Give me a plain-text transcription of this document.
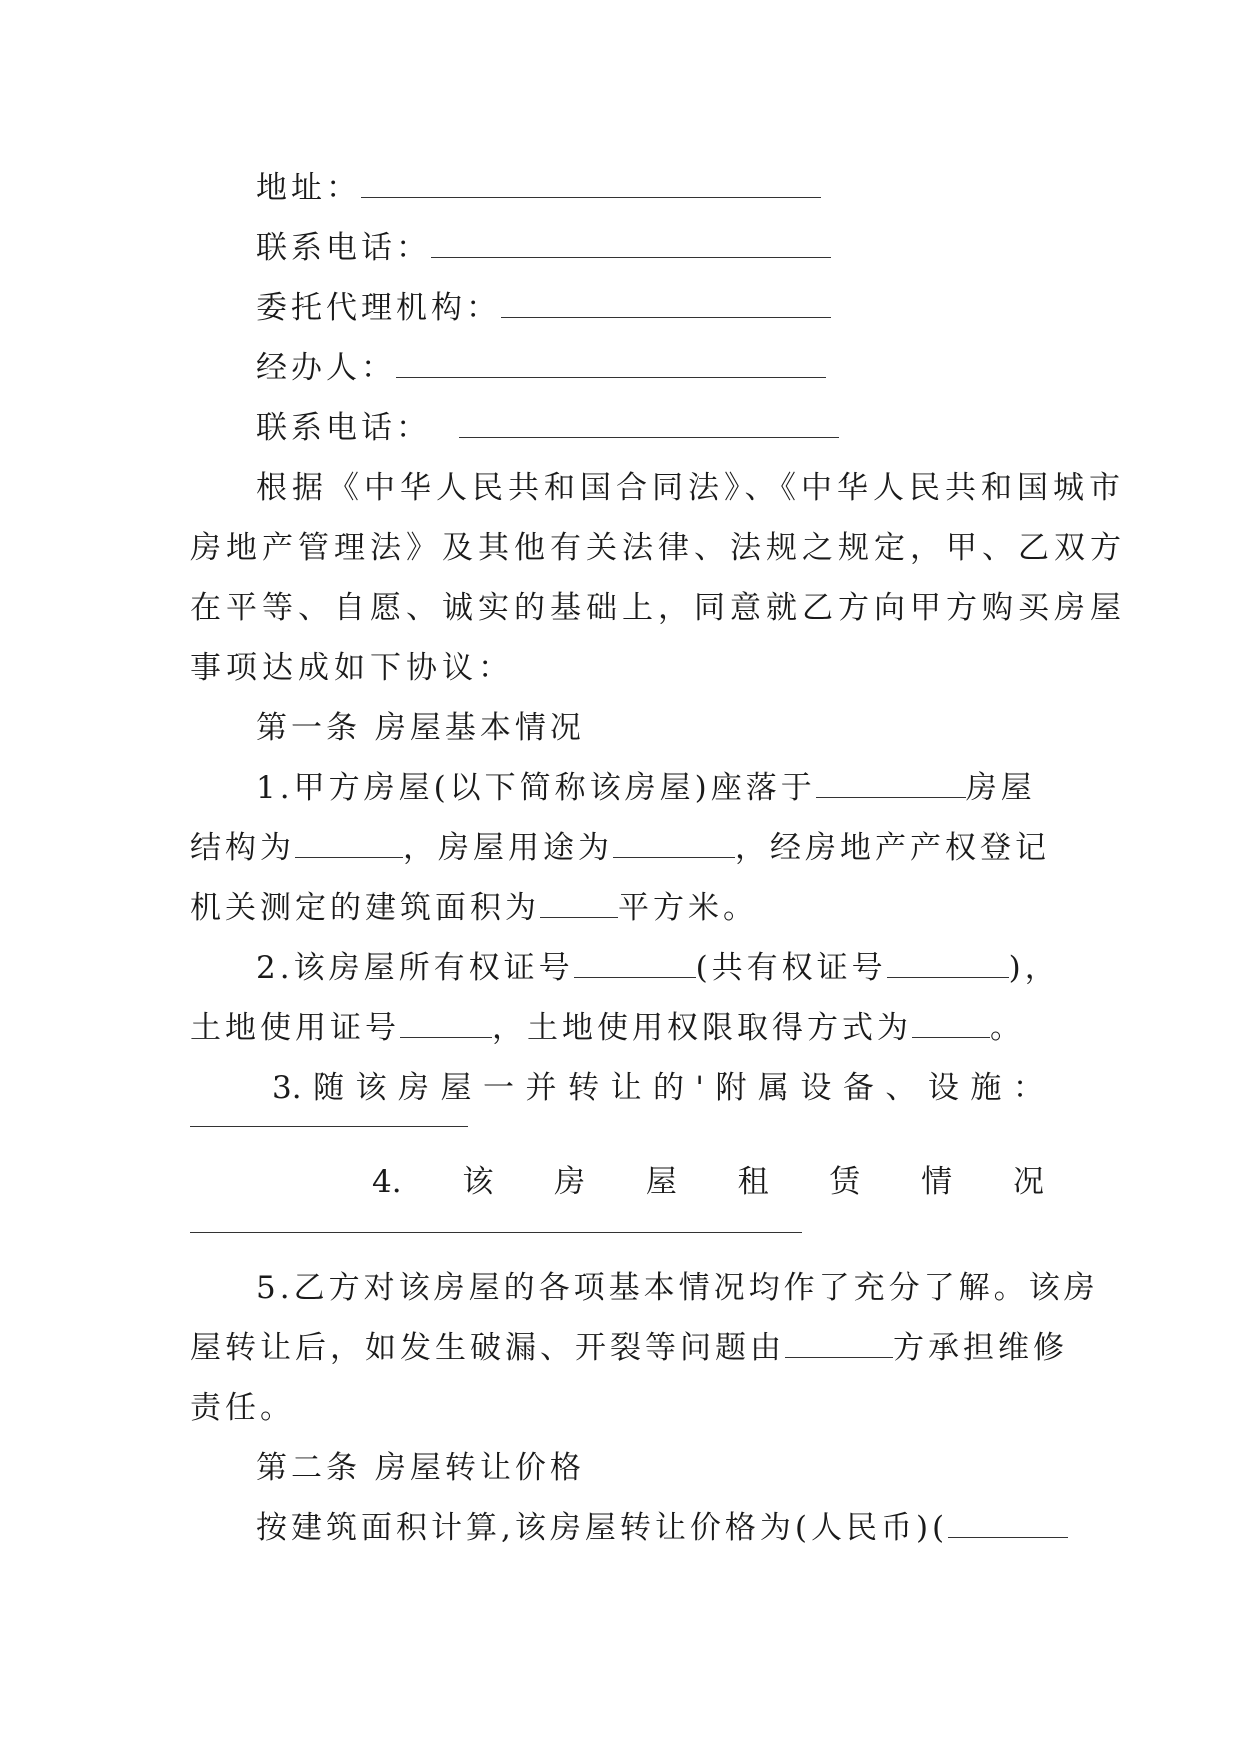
地址：
联系电话：
委托代理机构：
经办人：
联系电话：
根据《中华人民共和国合同法》、《中华人民共和国城市
房地产管理法》及其他有关法律、法规之规定，甲、乙双方
在平等、自愿、诚实的基础上，同意就乙方向甲方购买房屋
事项达成如下协议：
第一条 房屋基本情况
1.甲方房屋(以下简称该房屋)座落于	房屋
结构为	，房屋用途为	，经房地产产权登记
机关测定的建筑面积为	平方米。
2.该房屋所有权证号	(共有权证号	)，
土地使用证号	，土地使用权限取得方式为	。
3. 随 该 房 屋 一 并 转 让 的 ' 附 属 设 备 、 设 施 ：
4. 该 房 屋 租 赁 情 况
5.乙方对该房屋的各项基本情况均作了充分了解。该房
屋转让后，如发生破漏、开裂等问题由	方承担维修
责任。
第二条 房屋转让价格
按建筑面积计算,该房屋转让价格为(人民币)(
